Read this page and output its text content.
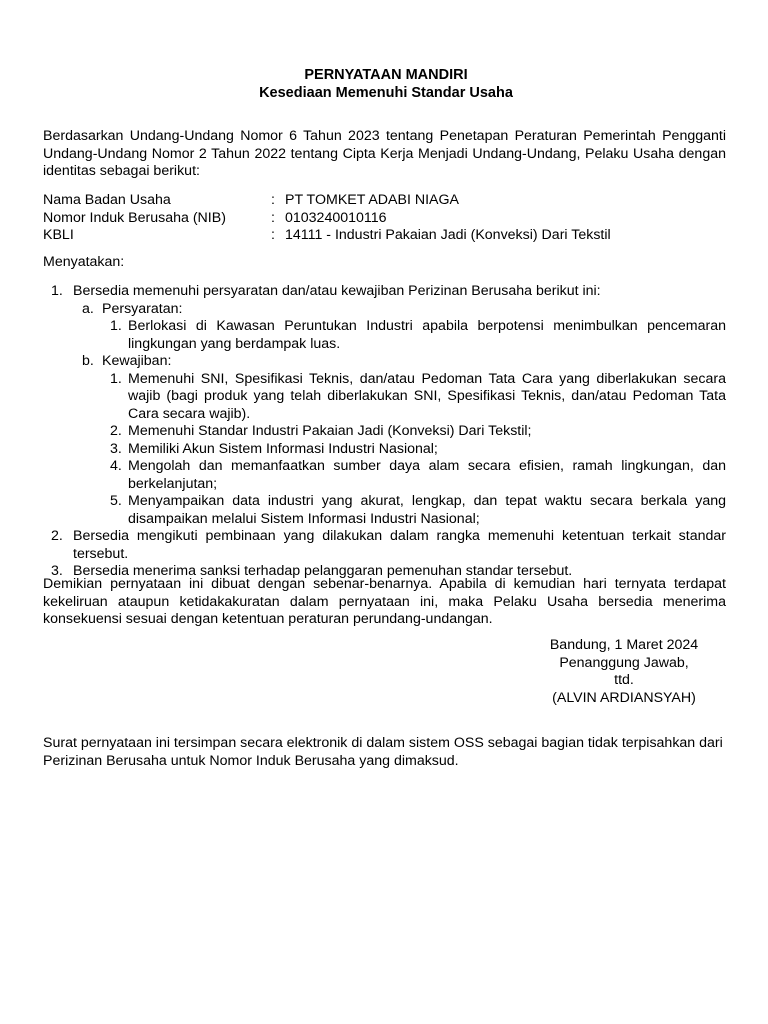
PERNYATAAN MANDIRI
Kesediaan Memenuhi Standar Usaha
Berdasarkan Undang-Undang Nomor 6 Tahun 2023 tentang Penetapan Peraturan Pemerintah Pengganti Undang-Undang Nomor 2 Tahun 2022 tentang Cipta Kerja Menjadi Undang-Undang, Pelaku Usaha dengan identitas sebagai berikut:
Nama Badan Usaha	: PT TOMKET ADABI NIAGA
Nomor Induk Berusaha (NIB)	: 0103240010116
KBLI	: 14111 - Industri Pakaian Jadi (Konveksi) Dari Tekstil
Menyatakan:
1. Bersedia memenuhi persyaratan dan/atau kewajiban Perizinan Berusaha berikut ini:
a. Persyaratan:
1. Berlokasi di Kawasan Peruntukan Industri apabila berpotensi menimbulkan pencemaran lingkungan yang berdampak luas.
b. Kewajiban:
1. Memenuhi SNI, Spesifikasi Teknis, dan/atau Pedoman Tata Cara yang diberlakukan secara wajib (bagi produk yang telah diberlakukan SNI, Spesifikasi Teknis, dan/atau Pedoman Tata Cara secara wajib).
2. Memenuhi Standar Industri Pakaian Jadi (Konveksi) Dari Tekstil;
3. Memiliki Akun Sistem Informasi Industri Nasional;
4. Mengolah dan memanfaatkan sumber daya alam secara efisien, ramah lingkungan, dan berkelanjutan;
5. Menyampaikan data industri yang akurat, lengkap, dan tepat waktu secara berkala yang disampaikan melalui Sistem Informasi Industri Nasional;
2. Bersedia mengikuti pembinaan yang dilakukan dalam rangka memenuhi ketentuan terkait standar tersebut.
3. Bersedia menerima sanksi terhadap pelanggaran pemenuhan standar tersebut.
Demikian pernyataan ini dibuat dengan sebenar-benarnya. Apabila di kemudian hari ternyata terdapat kekeliruan ataupun ketidakakuratan dalam pernyataan ini, maka Pelaku Usaha bersedia menerima konsekuensi sesuai dengan ketentuan peraturan perundang-undangan.
Bandung, 1 Maret 2024
Penanggung Jawab,
ttd.
(ALVIN ARDIANSYAH)
Surat pernyataan ini tersimpan secara elektronik di dalam sistem OSS sebagai bagian tidak terpisahkan dari Perizinan Berusaha untuk Nomor Induk Berusaha yang dimaksud.
